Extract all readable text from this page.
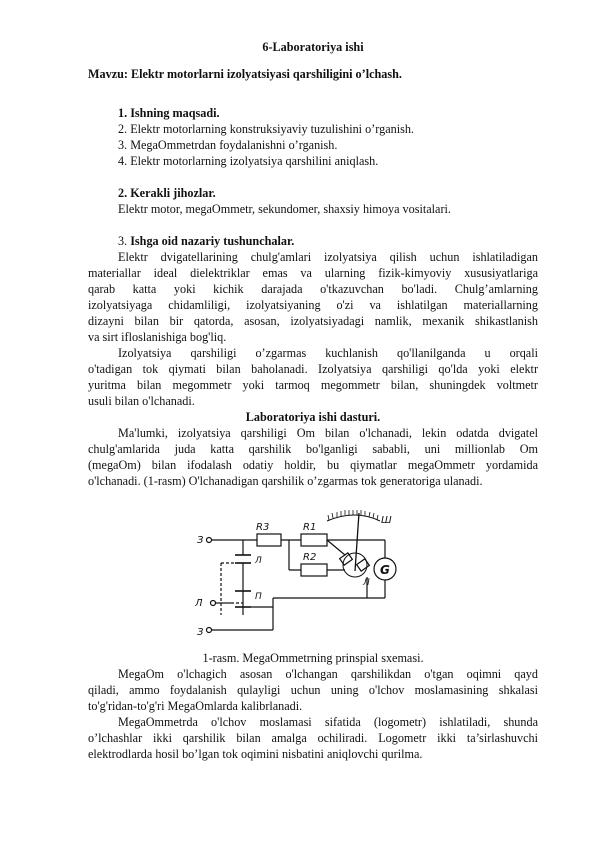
6-Laboratoriya ishi
Mavzu: Elektr motorlarni izolyatsiyasi qarshiligini o’lchash.
1. Ishning maqsadi.
2. Elektr motorlarning konstruksiyaviy tuzulishini o’rganish.
3. MegaOmmetrdan foydalanishni o’rganish.
4. Elektr motorlarning izolyatsiya qarshilini aniqlash.
2. Kerakli jihozlar.
Elektr motor, megaOmmetr, sekundomer, shaxsiy himoya vositalari.
3. Ishga oid nazariy tushunchalar.
Elektr dvigatellarining chulg'amlari izolyatsiya qilish uchun ishlatiladigan
materiallar ideal dielektriklar emas va ularning fizik-kimyoviy xususiyatlariga
qarab katta yoki kichik darajada o'tkazuvchan bo'ladi. Chulg’amlarning
izolyatsiyaga chidamliligi, izolyatsiyaning o'zi va ishlatilgan materiallarning
dizayni bilan bir qatorda, asosan, izolyatsiyadagi namlik, mexanik shikastlanish
va sirt ifloslanishiga bog'liq.
Izolyatsiya qarshiligi o’zgarmas kuchlanish qo'llanilganda u orqali
o'tadigan tok qiymati bilan baholanadi. Izolyatsiya qarshiligi qo'lda yoki elektr
yuritma bilan megommetr yoki tarmoq megommetr bilan, shuningdek voltmetr
usuli bilan o'lchanadi.
Laboratoriya ishi dasturi.
Ma'lumki, izolyatsiya qarshiligi Om bilan o'lchanadi, lekin odatda dvigatel
chulg'amlarida juda katta qarshilik bo'lganligi sababli, uni millionlab Om
(megaOm) bilan ifodalash odatiy holdir, bu qiymatlar megaOmmetr yordamida
o'lchanadi. (1-rasm) O'lchanadigan qarshilik o’zgarmas tok generatoriga ulanadi.
Ш
R3	R1
R2
Л
G
З
Л
З
Л
П
1-rasm. MegaOmmetrning prinspial sxemasi.
MegaOm o'lchagich asosan o'lchangan qarshilikdan o'tgan oqimni qayd
qiladi, ammo foydalanish qulayligi uchun uning o'lchov moslamasining shkalasi
to'g'ridan-to'g'ri MegaOmlarda kalibrlanadi.
MegaOmmetrda o'lchov moslamasi sifatida (logometr) ishlatiladi, shunda
o’lchashlar ikki qarshilik bilan amalga ochiliradi. Logometr ikki ta’sirlashuvchi
elektrodlarda hosil bo’lgan tok oqimini nisbatini aniqlovchi qurilma.
